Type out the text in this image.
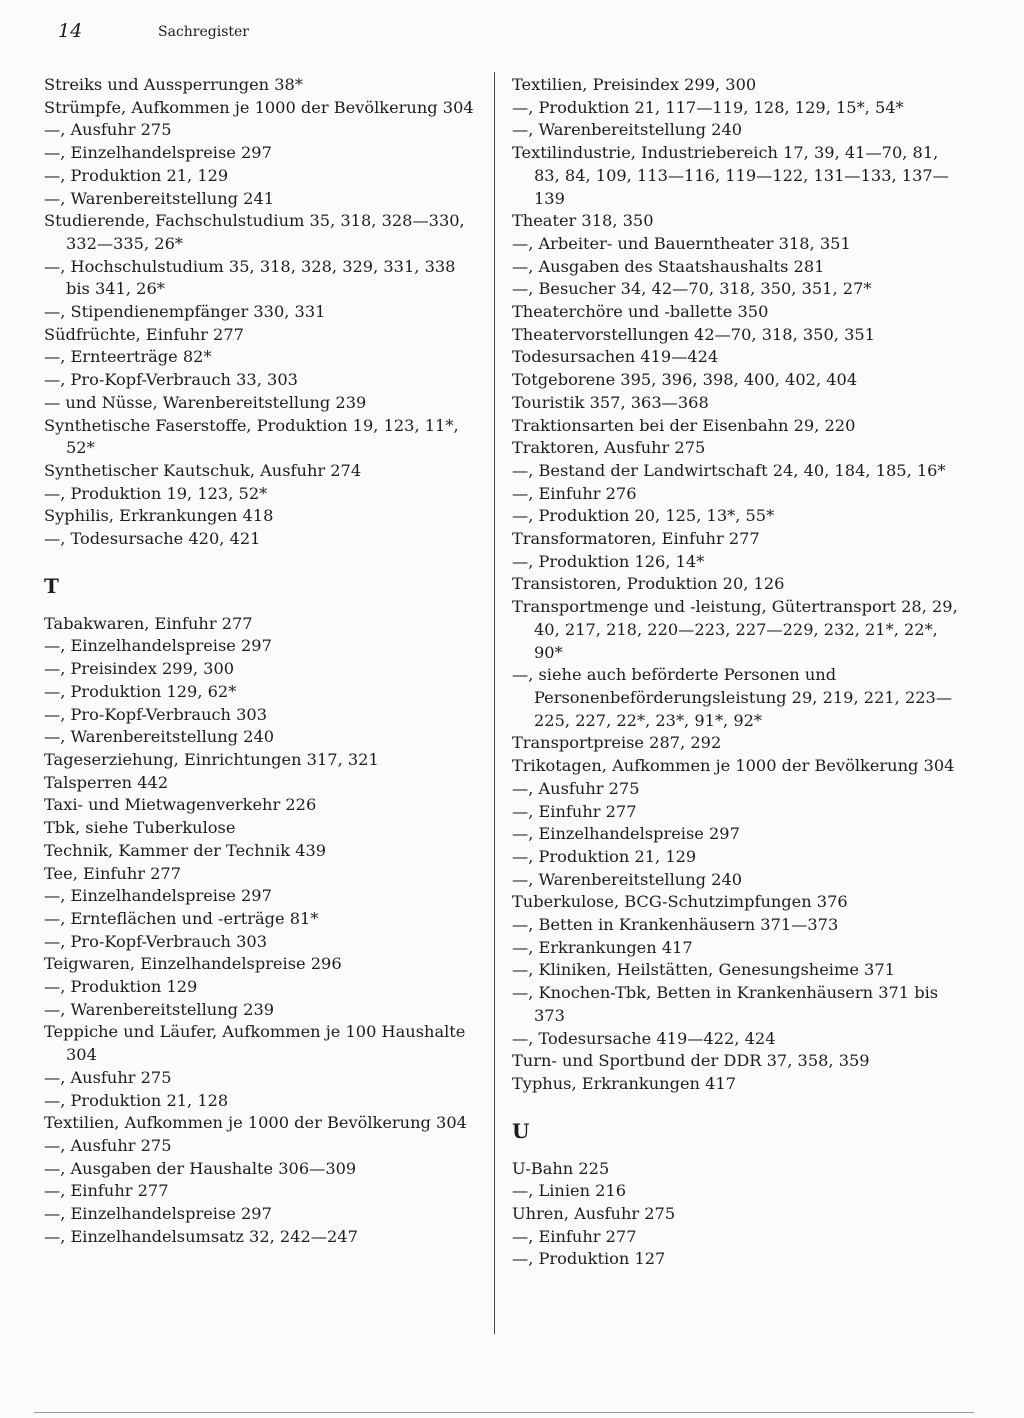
14	Sachregister

Streiks und Aussperrungen 38*

Strümpfe, Aufkommen je 1000 der Bevölkerung 304

—, Ausfuhr 275

—, Einzelhandelspreise 297

—, Produktion 21, 129

—, Warenbereitstellung 241

Studierende, Fachschulstudium 35, 318, 328—330, 332—335, 26*

—, Hochschulstudium 35, 318, 328, 329, 331, 338 bis 341, 26*

—, Stipendienempfänger 330, 331

Südfrüchte, Einfuhr 277

—, Ernteerträge 82*

—, Pro-Kopf-Verbrauch 33, 303

— und Nüsse, Warenbereitstellung 239

Synthetische Faserstoffe, Produktion 19, 123, 11*, 52*

Synthetischer Kautschuk, Ausfuhr 274

—, Produktion 19, 123, 52*

Syphilis, Erkrankungen 418

—, Todesursache 420, 421

T

Tabakwaren, Einfuhr 277

—, Einzelhandelspreise 297

—, Preisindex 299, 300

—, Produktion 129, 62*

—, Pro-Kopf-Verbrauch 303

—, Warenbereitstellung 240

Tageserziehung, Einrichtungen 317, 321

Talsperren 442

Taxi- und Mietwagenverkehr 226

Tbk, siehe Tuberkulose

Technik, Kammer der Technik 439

Tee, Einfuhr 277

—, Einzelhandelspreise 297

—, Ernteflächen und -erträge 81*

—, Pro-Kopf-Verbrauch 303

Teigwaren, Einzelhandelspreise 296

—, Produktion 129

—, Warenbereitstellung 239

Teppiche und Läufer, Aufkommen je 100 Haushalte 304

—, Ausfuhr 275

—, Produktion 21, 128

Textilien, Aufkommen je 1000 der Bevölkerung 304

—, Ausfuhr 275

—, Ausgaben der Haushalte 306—309

—, Einfuhr 277

—, Einzelhandelspreise 297

—, Einzelhandelsumsatz 32, 242—247

Textilien, Preisindex 299, 300

—, Produktion 21, 117—119, 128, 129, 15*, 54*

—, Warenbereitstellung 240

Textilindustrie, Industriebereich 17, 39, 41—70, 81, 83, 84, 109, 113—116, 119—122, 131—133, 137—139

Theater 318, 350

—, Arbeiter- und Bauerntheater 318, 351

—, Ausgaben des Staatshaushalts 281

—, Besucher 34, 42—70, 318, 350, 351, 27*

Theaterchöre und -ballette 350

Theatervorstellungen 42—70, 318, 350, 351

Todesursachen 419—424

Totgeborene 395, 396, 398, 400, 402, 404

Touristik 357, 363—368

Traktionsarten bei der Eisenbahn 29, 220

Traktoren, Ausfuhr 275

—, Bestand der Landwirtschaft 24, 40, 184, 185, 16*

—, Einfuhr 276

—, Produktion 20, 125, 13*, 55*

Transformatoren, Einfuhr 277

—, Produktion 126, 14*

Transistoren, Produktion 20, 126

Transportmenge und -leistung, Gütertransport 28, 29, 40, 217, 218, 220—223, 227—229, 232, 21*, 22*, 90*

—, siehe auch beförderte Personen und Personenbeförderungsleistung 29, 219, 221, 223—225, 227, 22*, 23*, 91*, 92*

Transportpreise 287, 292

Trikotagen, Aufkommen je 1000 der Bevölkerung 304

—, Ausfuhr 275

—, Einfuhr 277

—, Einzelhandelspreise 297

—, Produktion 21, 129

—, Warenbereitstellung 240

Tuberkulose, BCG-Schutzimpfungen 376

—, Betten in Krankenhäusern 371—373

—, Erkrankungen 417

—, Kliniken, Heilstätten, Genesungsheime 371

—, Knochen-Tbk, Betten in Krankenhäusern 371 bis 373

—, Todesursache 419—422, 424

Turn- und Sportbund der DDR 37, 358, 359

Typhus, Erkrankungen 417

U

U-Bahn 225

—, Linien 216

Uhren, Ausfuhr 275

—, Einfuhr 277

—, Produktion 127
